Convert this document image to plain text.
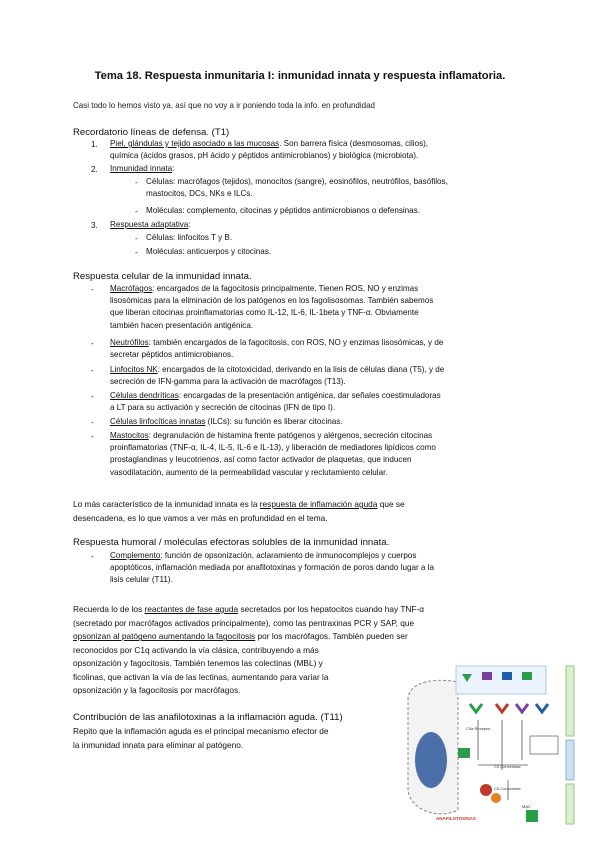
Tema 18. Respuesta inmunitaria I: inmunidad innata y respuesta inflamatoria.
Casi todo lo hemos visto ya, así que no voy a ir poniendo toda la info. en profundidad
Recordatorio líneas de defensa. (T1)
1. Piel, glándulas y tejido asociado a las mucosas. Son barrera física (desmosomas, cilios),
química (ácidos grasos, pH ácido y péptidos antimicrobianos) y biológica (microbiota).
2. Inmunidad innata:
- Células: macrófagos (tejidos), monocitos (sangre), eosinófilos, neutrófilos, basófilos,
mastocitos, DCs, NKs e ILCs.
- Moléculas: complemento, citocinas y péptidos antimicrobianos o defensinas.
3. Respuesta adaptativa:
- Células: linfocitos T y B.
- Moléculas: anticuerpos y citocinas.
Respuesta celular de la inmunidad innata.
- Macrófagos: encargados de la fagocitosis principalmente. Tienen ROS, NO y enzimas
lisosómicas para la eliminación de los patógenos en los fagolisosomas. También sabemos
que liberan citocinas proinflamatorias como IL-12, IL-6, IL-1beta y TNF-α. Obviamente
también hacen presentación antigénica.
- Neutrófilos: también encargados de la fagocitosis, con ROS, NO y enzimas lisosómicas, y de
secretar péptidos antimicrobianos.
- Linfocitos NK: encargados de la citotoxicidad, derivando en la lisis de células diana (T5), y de
secreción de IFN-gamma para la activación de macrófagos (T13).
- Células dendríticas: encargadas de la presentación antigénica, dar señales coestimuladoras
a LT para su activación y secreción de citocinas (IFN de tipo I).
- Células linfocíticas innatas (ILCs): su función es liberar citocinas.
- Mastocitos: degranulación de histamina frente patógenos y alérgenos, secreción citocinas
proinflamatorias (TNF-α, IL-4, IL-5, IL-6 e IL-13), y liberación de mediadores lipídicos como
prostaglandinas y leucotrienos, así como factor activador de plaquetas, que inducen
vasodilatación, aumento de la permeabilidad vascular y reclutamiento celular.
Lo más característico de la inmunidad innata es la respuesta de inflamación aguda que se
desencadena, es lo que vamos a ver más en profundidad en el tema.
Respuesta humoral / moléculas efectoras solubles de la inmunidad innata.
- Complemento: función de opsonización, aclaramiento de inmunocomplejos y cuerpos
apoptóticos, inflamación mediada por anafilotoxinas y formación de poros dando lugar a la
lisis celular (T11).
Recuerda lo de los reactantes de fase aguda secretados por los hepatocitos cuando hay TNF-α
(secretado por macrófagos activados principalmente), como las pentraxinas PCR y SAP, que
opsonizan al patógeno aumentando la fagocitosis por los macrófagos. También pueden ser
reconocidos por C1q activando la vía clásica, contribuyendo a más
opsonización y fagocitosis. También tenemos las colectinas (MBL) y
ficolinas, que activan la vía de las lectinas, aumentando para variar la
opsonización y la fagocitosis por macrófagos.
Contribución de las anafilotoxinas a la inflamación aguda. (T11)
Repito que la inflamación aguda es el principal mecanismo efector de
la inmunidad innata para eliminar al patógeno.
C5a Receptor
C3 Convertase
C5 Convertase
ANAFILOTOXINAS
MAC
